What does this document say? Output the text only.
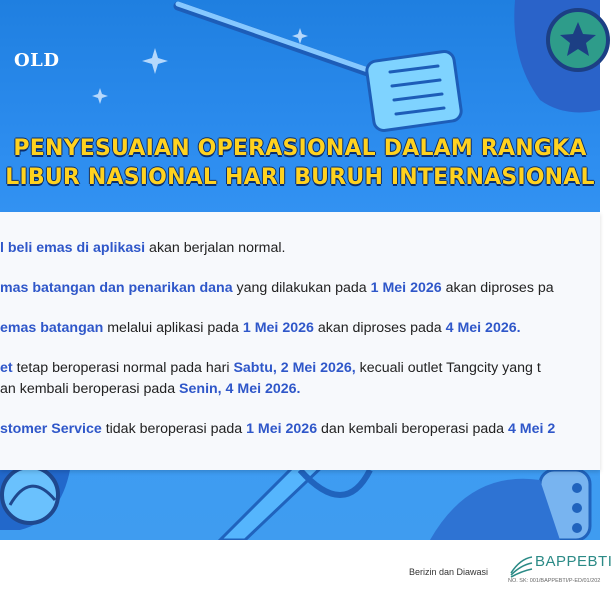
OLD
PENYESUAIAN OPERASIONAL DALAM RANGKA
LIBUR NASIONAL HARI BURUH INTERNASIONAL
l beli emas di aplikasi akan berjalan normal.
mas batangan dan penarikan dana yang dilakukan pada 1 Mei 2026 akan diproses pa
emas batangan melalui aplikasi pada 1 Mei 2026 akan diproses pada 4 Mei 2026.
et tetap beroperasi normal pada hari Sabtu, 2 Mei 2026, kecuali outlet Tangcity yang t
an kembali beroperasi pada Senin, 4 Mei 2026.
stomer Service tidak beroperasi pada 1 Mei 2026 dan kembali beroperasi pada 4 Mei 2
Berizin dan Diawasi
BAPPEBTI
NO. SK: 001/BAPPEBTI/P-ED/01/202
